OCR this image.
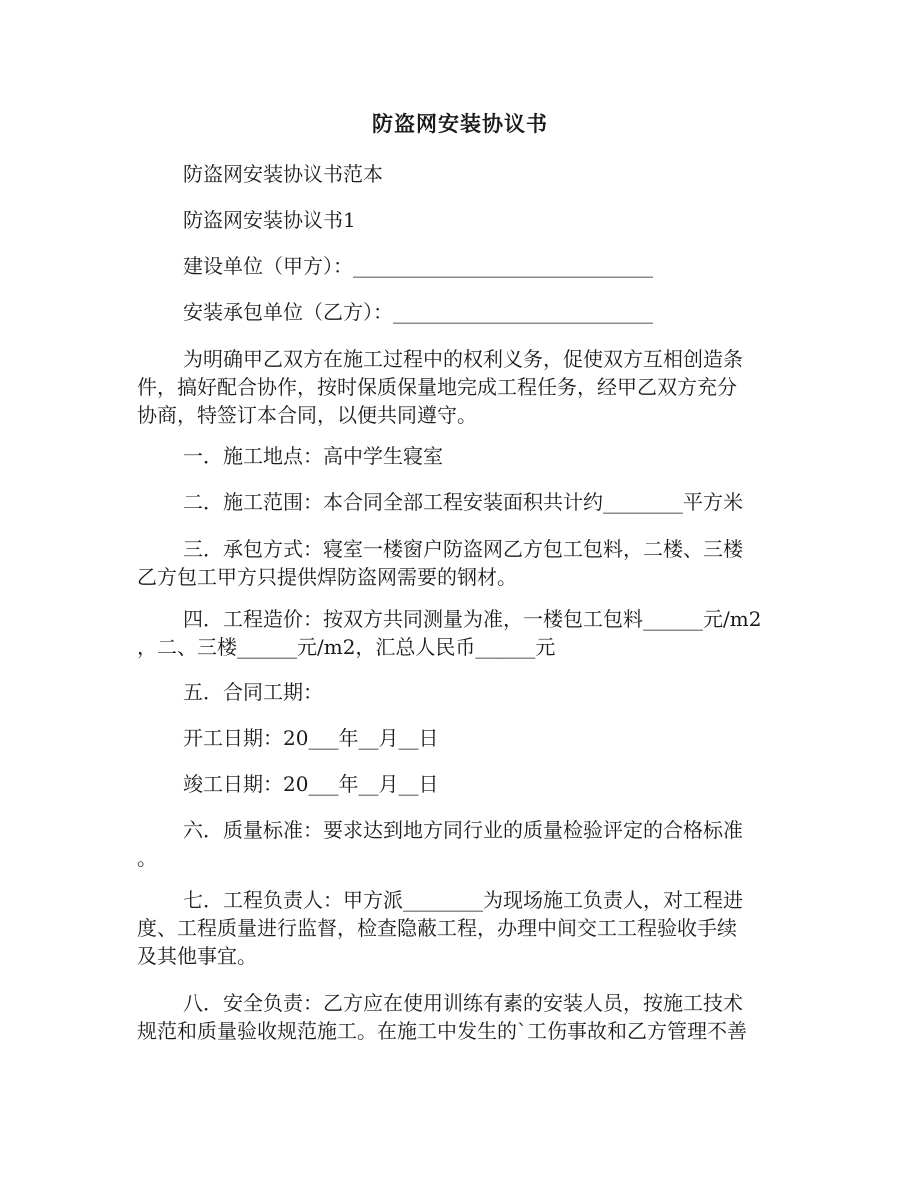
防盗网安装协议书
防盗网安装协议书范本
防盗网安装协议书1
建设单位（甲方）：______________________________
安装承包单位（乙方）：__________________________
为明确甲乙双方在施工过程中的权利义务，促使双方互相创造条
件，搞好配合协作，按时保质保量地完成工程任务，经甲乙双方充分
协商，特签订本合同，以便共同遵守。
一．施工地点：高中学生寝室
二．施工范围：本合同全部工程安装面积共计约________平方米
三．承包方式：寝室一楼窗户防盗网乙方包工包料，二楼、三楼
乙方包工甲方只提供焊防盗网需要的钢材。
四．工程造价：按双方共同测量为准，一楼包工包料______元/m2
，二、三楼______元/m2，汇总人民币______元
五．合同工期：
开工日期：20___年__月__日
竣工日期：20___年__月__日
六．质量标准：要求达到地方同行业的质量检验评定的合格标准
。
七．工程负责人：甲方派________为现场施工负责人，对工程进
度、工程质量进行监督，检查隐蔽工程，办理中间交工工程验收手续
及其他事宜。
八．安全负责：乙方应在使用训练有素的安装人员，按施工技术
规范和质量验收规范施工。在施工中发生的`工伤事故和乙方管理不善
